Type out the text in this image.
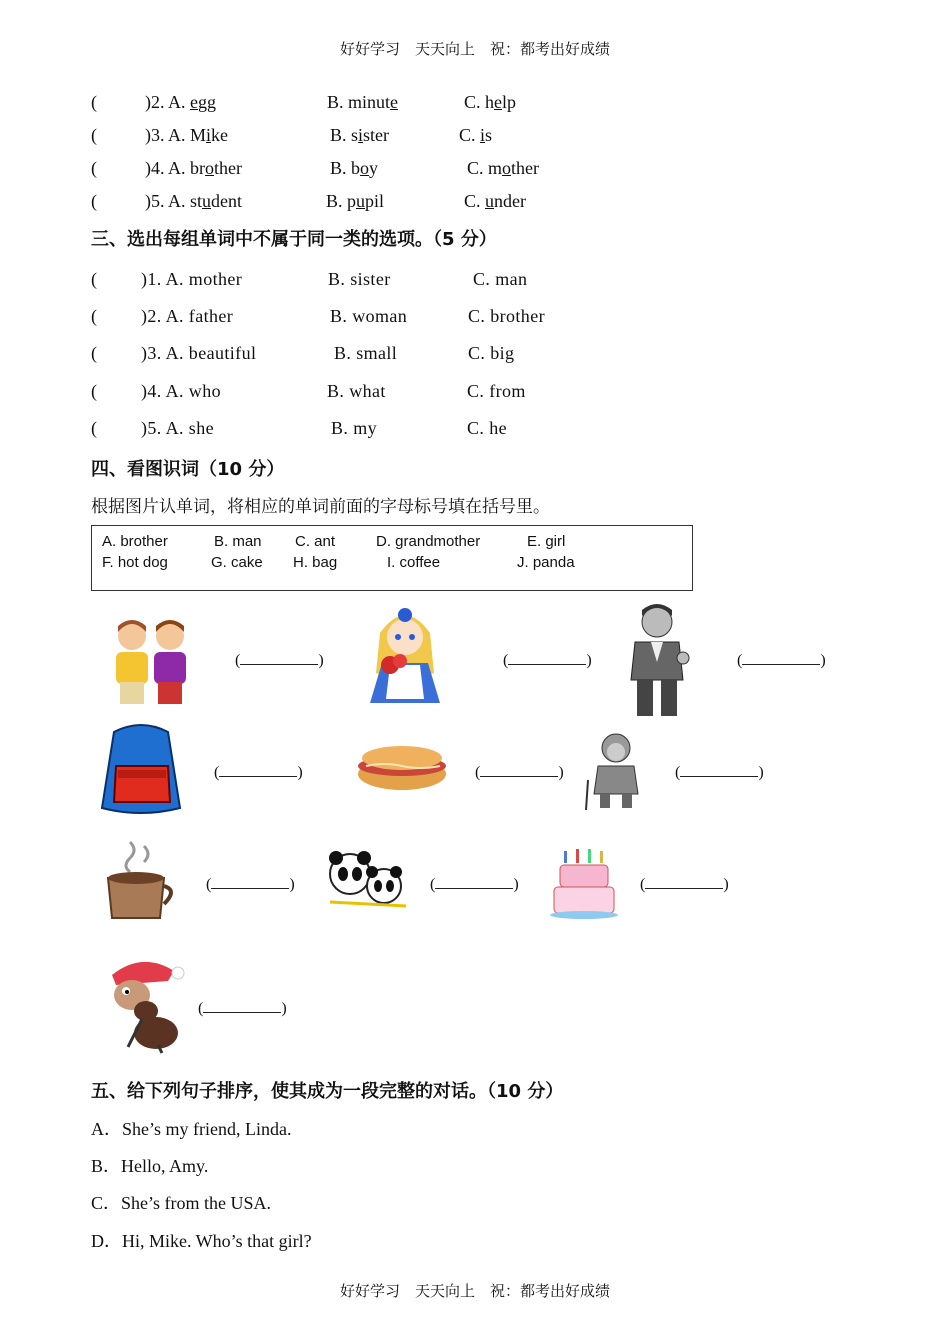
好好学习　天天向上　祝：都考出好成绩
(	)2. A. egg	B. minute	C. help
(	)3. A. Mike	B. sister	C. is
(	)4. A. brother	B. boy	C. mother
(	)5. A. student	B. pupil	C. under
三、选出每组单词中不属于同一类的选项。（5 分）
( )1. A. mother	B. sister	C. man
( )2. A. father	B. woman	C. brother
( )3. A. beautiful	B. small	C. big
( )4. A. who	B. what	C. from
( )5. A. she	B. my	C. he
四、看图识词（10 分）
根据图片认单词，将相应的单词前面的字母标号填在括号里。
A. brother	B. man C. ant	D. grandmother	E. girl
F. hot dog	G. cake H. bag	I. coffee	J. panda
(	)	(	)	(	)
(	)	(	)	(	)
(	)	(	)	(	)
(	)
五、给下列句子排序，使其成为一段完整的对话。（10 分）
A．She’s my friend, Linda.
B．Hello, Amy.
C．She’s from the USA.
D．Hi, Mike. Who’s that girl?
好好学习　天天向上　祝：都考出好成绩
